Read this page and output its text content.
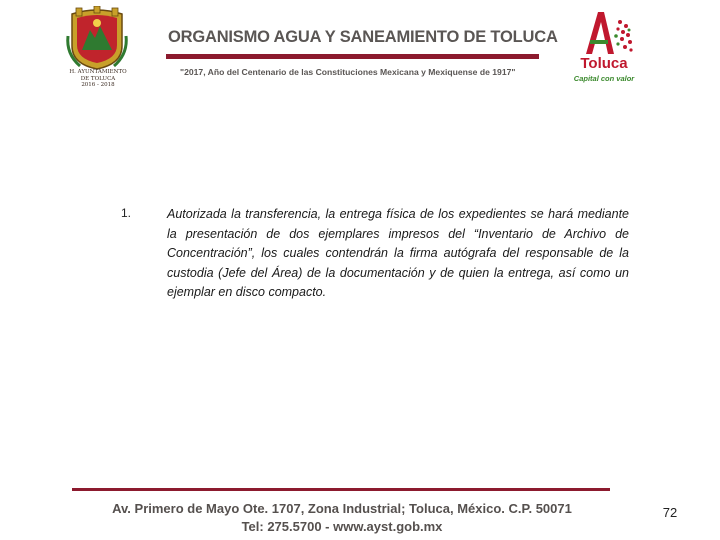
H. AYUNTAMIENTO
DE TOLUCA
2016 - 2018
ORGANISMO AGUA Y SANEAMIENTO DE TOLUCA
"2017, Año del Centenario de las Constituciones Mexicana y Mexiquense de 1917"	Toluca
Capital con valor
1.	Autorizada la transferencia, la entrega física de los expedientes se hará mediante la presentación de dos ejemplares impresos del “Inventario de Archivo de Concentración”, los cuales contendrán la firma autógrafa del responsable de la custodia (Jefe del Área) de la documentación y de quien la entrega, así como un ejemplar en disco compacto.

Av. Primero de Mayo Ote. 1707, Zona Industrial; Toluca, México. C.P. 50071
Tel: 275.5700 - www.ayst.gob.mx
72
